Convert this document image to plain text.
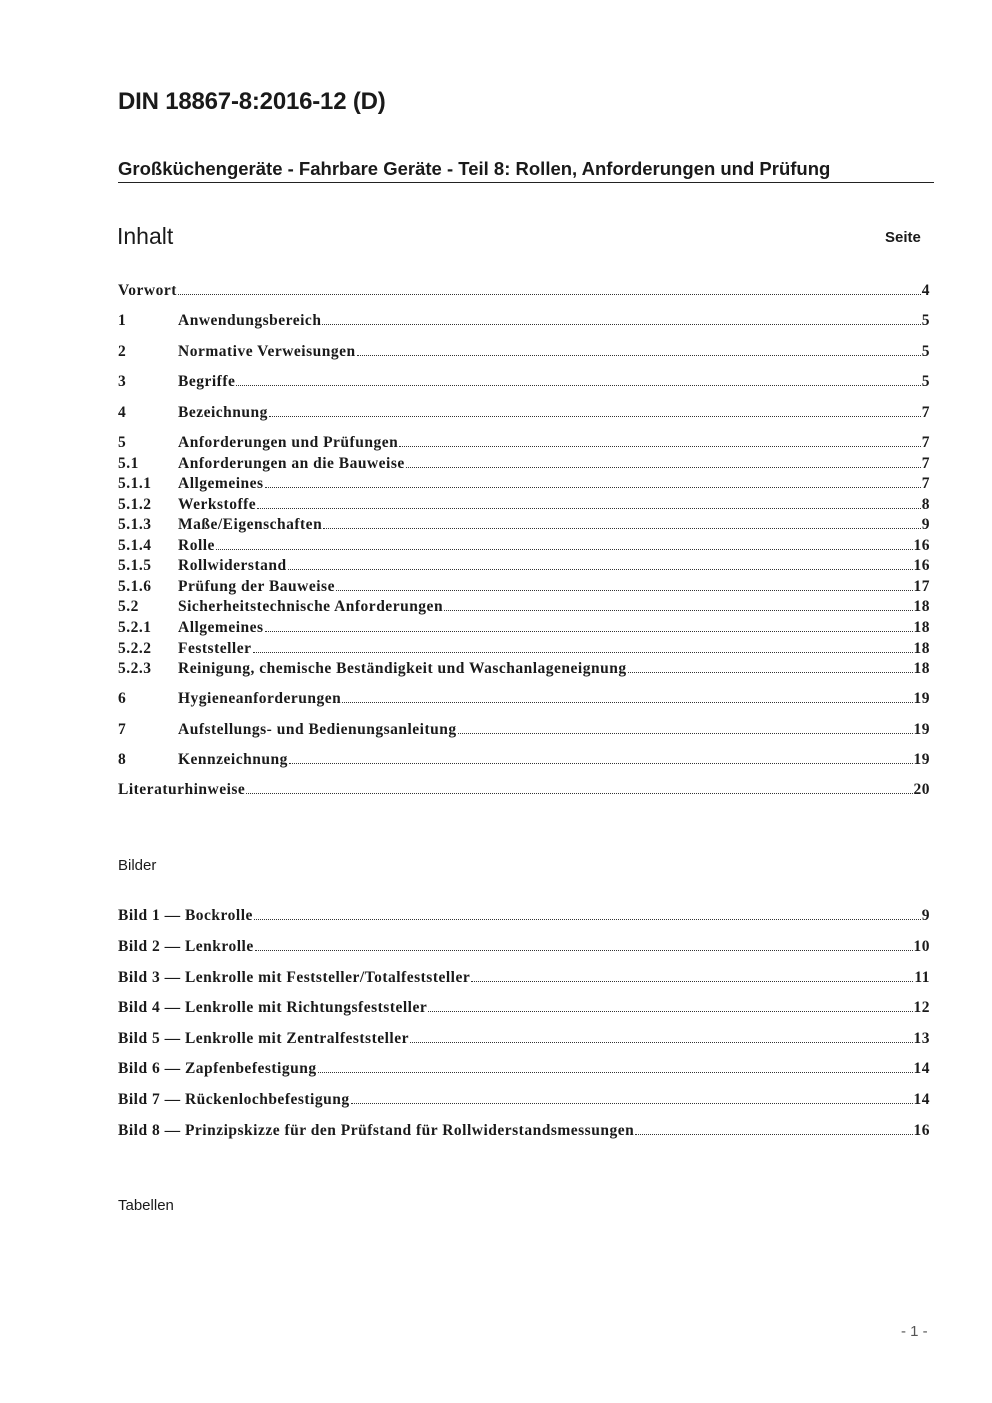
DIN 18867-8:2016-12 (D)
Großküchengeräte - Fahrbare Geräte - Teil 8: Rollen, Anforderungen und Prüfung
Inhalt	Seite
Vorwort	4
1	Anwendungsbereich	5
2	Normative Verweisungen	5
3	Begriffe	5
4	Bezeichnung	7
5	Anforderungen und Prüfungen	7
5.1	Anforderungen an die Bauweise	7
5.1.1	Allgemeines	7
5.1.2	Werkstoffe	8
5.1.3	Maße/Eigenschaften	9
5.1.4	Rolle	16
5.1.5	Rollwiderstand	16
5.1.6	Prüfung der Bauweise	17
5.2	Sicherheitstechnische Anforderungen	18
5.2.1	Allgemeines	18
5.2.2	Feststeller	18
5.2.3	Reinigung, chemische Beständigkeit und Waschanlageneignung	18
6	Hygieneanforderungen	19
7	Aufstellungs- und Bedienungsanleitung	19
8	Kennzeichnung	19
Literaturhinweise	20
Bilder
Bild 1 — Bockrolle	9
Bild 2 — Lenkrolle	10
Bild 3 — Lenkrolle mit Feststeller/Totalfeststeller	11
Bild 4 — Lenkrolle mit Richtungsfeststeller	12
Bild 5 — Lenkrolle mit Zentralfeststeller	13
Bild 6 — Zapfenbefestigung	14
Bild 7 — Rückenlochbefestigung	14
Bild 8 — Prinzipskizze für den Prüfstand für Rollwiderstandsmessungen	16
Tabellen
- 1 -
